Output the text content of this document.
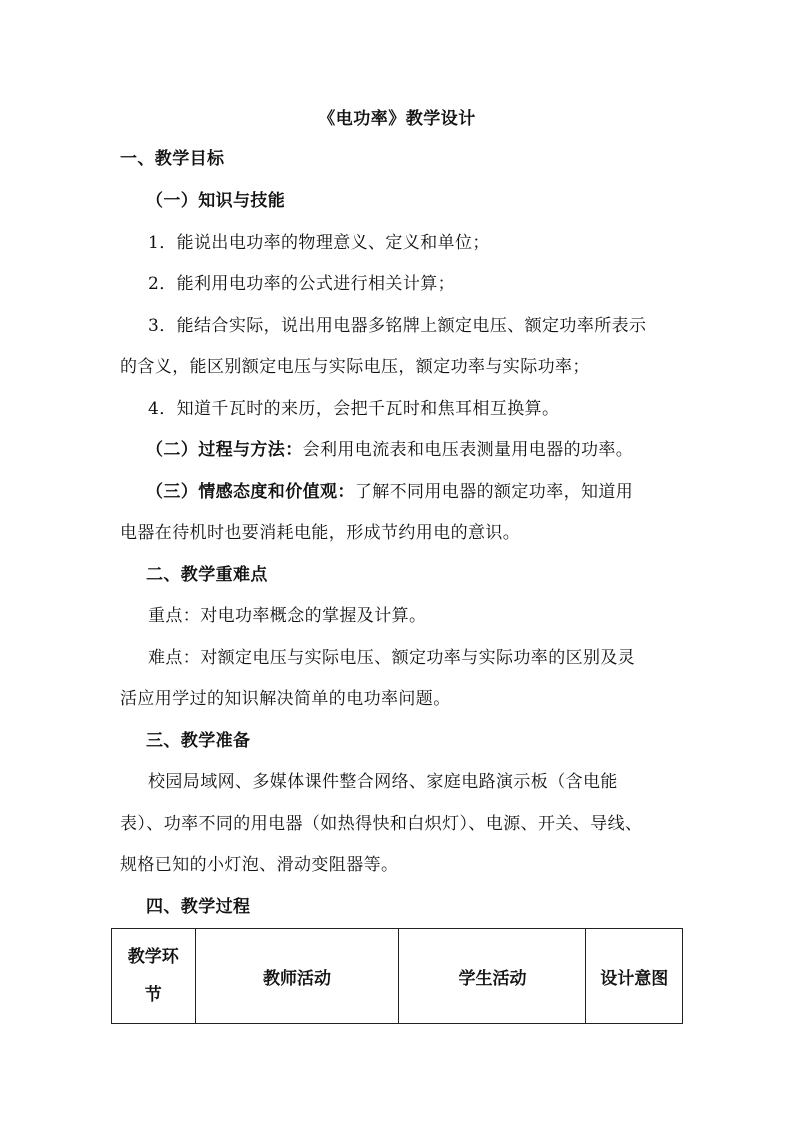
《电功率》教学设计
一、教学目标
（一）知识与技能
1．能说出电功率的物理意义、定义和单位；
2．能利用电功率的公式进行相关计算；
3．能结合实际，说出用电器多铭牌上额定电压、额定功率所表示
的含义，能区别额定电压与实际电压，额定功率与实际功率；
4．知道千瓦时的来历，会把千瓦时和焦耳相互换算。
（二）过程与方法：会利用电流表和电压表测量用电器的功率。
（三）情感态度和价值观：了解不同用电器的额定功率，知道用
电器在待机时也要消耗电能，形成节约用电的意识。
二、教学重难点
重点：对电功率概念的掌握及计算。
难点：对额定电压与实际电压、额定功率与实际功率的区别及灵
活应用学过的知识解决简单的电功率问题。
三、教学准备
校园局域网、多媒体课件整合网络、家庭电路演示板（含电能
表）、功率不同的用电器（如热得快和白炽灯）、电源、开关、导线、
规格已知的小灯泡、滑动变阻器等。
四、教学过程
教学环
节
	教师活动	学生活动	设计意图
